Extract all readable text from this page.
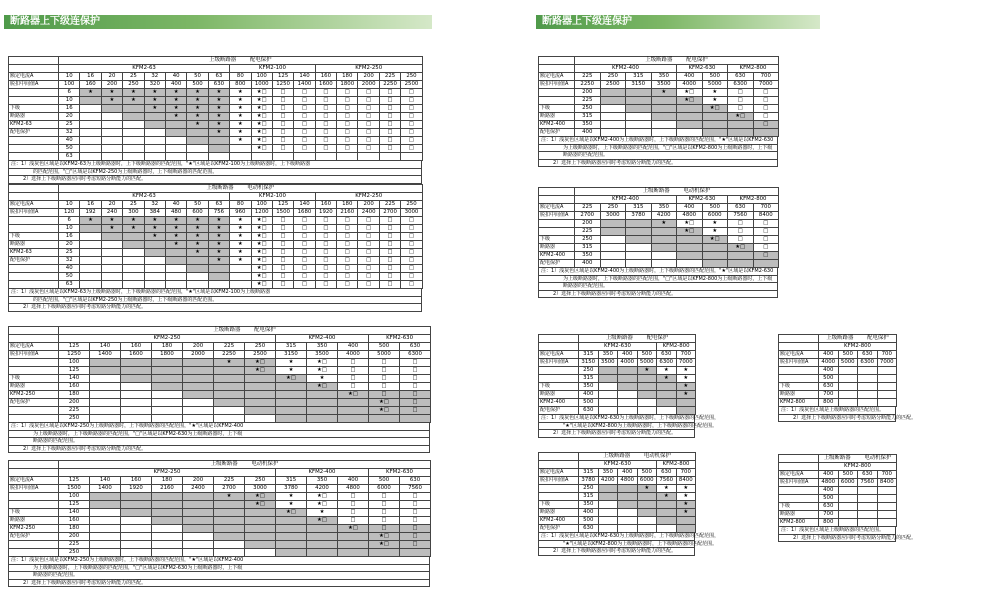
断路器上下级连保护	断路器上下级连保护
	上级断路器 配电保护																
	KFM2-63								KFM2-100				KFM2-250				
额定电流A	10	16	20	25	32	40	50	63	80	100	125	140	160	180	200	225	250
脱扣中间值A	100	160	200	250	320	400	500	630	800	1000	1250	1400	1600	1800	2000	2250	2500
	6	★	★	★	★	★	★	★	★	★□	□	□	□	□	□	□	□
	10		★	★	★	★	★	★	★	★□	□	□	□	□	□	□	□
下级	16				★	★	★	★	★	★□	□	□	□	□	□	□	□
断路器	20					★	★	★	★	★□	□	□	□	□	□	□	□
KFM2-63	25						★	★	★	★□	□	□	□	□	□	□	□
配电保护	32							★	★	★□	□	□	□	□	□	□	□
	40								★	★□	□	□	□	□	□	□	□
	50									★□	□	□	□	□	□	□	□
	63																
注：1）浅灰色区域是以KFM2-63为上级断路器时，上下级断路器的匹配范围，"★"区域是以KFM2-100为上级断路器时，上下级断路器
的匹配范围，"□"区域是以KFM2-250为上级断路器时，上下级断路器的匹配范围。
2）选择上下级断路器应同时考虑短路分断能力的匹配。
	上级断路器 电动机保护																
	KFM2-63								KFM2-100				KFM2-250				
额定电流A	10	16	20	25	32	40	50	63	80	100	125	140	160	180	200	225	250
脱扣中间值A	120	192	240	300	384	480	600	756	960	1200	1500	1680	1920	2160	2400	2700	3000
	6	★	★	★	★	★	★	★	★	★□	□	□	□	□	□	□	□
	10		★	★	★	★	★	★	★	★□	□	□	□	□	□	□	□
下级	16				★	★	★	★	★	★□	□	□	□	□	□	□	□
断路器	20					★	★	★	★	★□	□	□	□	□	□	□	□
KFM2-63	25						★	★	★	★□	□	□	□	□	□	□	□
配电保护	32							★	★	★□	□	□	□	□	□	□	□
	40									★□	□	□	□	□	□	□	□
	50									★□	□	□	□	□	□	□	□
	63									★□	□	□	□	□	□	□	□
注：1）浅灰色区域是以KFM2-63为上级断路器时，上下级断路器的匹配范围，"★"区域是以KFM2-100为上级断路器
的匹配范围，"□"区域是以KFM2-250为上级断路器时，上下级断路器的匹配范围。
2）选择上下级断路器应同时考虑短路分断能力的匹配。
	上级断路器 配电保护							
	KFM2-400				KFM2-630		KFM2-800	
额定电流A	225	250	315	350	400	500	630	700
脱扣中间值A	2250	2500	3150	3500	4000	5000	6300	7000
	200			★	★□	★	□	□
	225				★□	★	□	□
下级	250					★□	□	□
断路器	315						★□	□
KFM2-400	350							□
配电保护	400							
注：1）浅灰色区域是以KFM2-400为上级断路器时，上下级断路器的匹配范围，"★"区域是以KFM2-630
为上级断路器时，上下级断路器的匹配范围，"□"区域是以KFM2-800为上级断路器时，上下级
断路器的匹配范围。
2）选择上下级断路器应同时考虑短路分断能力的匹配。
	上级断路器 电动机保护							
	KFM2-400				KFM2-630		KFM2-800	
额定电流A	225	250	315	350	400	500	630	700
脱扣中间值A	2700	3000	3780	4200	4800	6000	7560	8400
	200			★	★□	★	□	□
	225				★□	★	□	□
下级	250					★□	□	□
断路器	315						★□	□
KFM2-400	350							□
配电保护	400							
注：1）浅灰色区域是以KFM2-400为上级断路器时，上下级断路器的匹配范围，"★"区域是以KFM2-630
为上级断路器时，上下级断路器的匹配范围，"□"区域是以KFM2-800为上级断路器时，上下级
断路器的匹配范围。
2）选择上下级断路器应同时考虑短路分断能力的匹配。
	上级断路器 配电保护											
	KFM2-250							KFM2-400			KFM2-630	
额定电流A	125	140	160	180	200	225	250	315	350	400	500	630
脱扣中间值A	1250	1400	1600	1800	2000	2250	2500	3150	3500	4000	5000	6300
	100					★	★□	★	★□	□	□	□
	125						★□	★	★□	□	□	□
下级	140							★□	★	□	□	□
断路器	160								★□	□	□	□
KFM2-250	180									★□	□	□
配电保护	200										★□	□
	225										★□	□
	250											
注：1）浅灰色区域是以KFM2-250为上级断路器时，上下级断路器的匹配范围，"★"区域是以KFM2-400
为上级断路器时，上下级断路器的匹配范围，"□"区域是以KFM2-630为上级断路器时，上下级
断路器的匹配范围。
2）选择上下级断路器应同时考虑短路分断能力的匹配。
	上级断路器 电动机保护											
	KFM2-250							KFM2-400			KFM2-630	
额定电流A	125	140	160	180	200	225	250	315	350	400	500	630
脱扣中间值A	1500	1400	1920	2160	2400	2700	3000	3780	4200	4800	6000	7560
	100					★	★□	★	★□	□	□	□
	125						★□	★	★□	□	□	□
下级	140							★□	★	□	□	□
断路器	160								★□	□	□	□
KFM2-250	180									★□	□	□
配电保护	200										★□	□
	225										★□	□
	250											
注：1）浅灰色区域是以KFM2-250为上级断路器时，上下级断路器的匹配范围，"★"区域是以KFM2-400
为上级断路器时，上下级断路器的匹配范围，"□"区域是以KFM2-630为上级断路器时，上下级
断路器的匹配范围。
2）选择上下级断路器应同时考虑短路分断能力的匹配。
	上级断路器 配电保护					
	KFM2-630				KFM2-800	
额定电流A	315	350	400	500	630	700
脱扣中间值A	3150	3500	4000	5000	6300	7000
	250			★	★	★
	315				★	★
下级	350					★
断路器	400					★
KFM2-400	500					
配电保护	630					
注：1）浅灰色区域是以KFM2-630为上级断路器时，上下级断路器的匹配范围，
"★"区域是以KFM2-800为上级断路器时，上下级断路器的匹配范围。
2）选择上下级断路器应同时考虑短路分断能力的匹配。
	上级断路器 电动机保护					
	KFM2-630				KFM2-800	
额定电流A	315	350	400	500	630	700
脱扣中间值A	3780	4200	4800	6000	7560	8400
	250			★	★	★
	315				★	★
下级	350					★
断路器	400					★
KFM2-400	500					
配电保护	630					
注：1）浅灰色区域是以KFM2-630为上级断路器时，上下级断路器的匹配范围，
"★"区域是以KFM2-800为上级断路器时，上下级断路器的匹配范围。
2）选择上下级断路器应同时考虑短路分断能力的匹配。
	上级断路器 配电保护			
	KFM2-800			
额定电流A	400	500	630	700
脱扣中间值A	4000	5000	6300	7000
	400			
	500			
下级	630			
断路器	700			
KFM2-800	800			
注：1）浅灰色区域是上级断路器的匹配范围。
2）选择上下级断路器应同时考虑短路分断能力的匹配。
	上级断路器 电动机保护			
	KFM2-800			
额定电流A	400	500	630	700
脱扣中间值A	4800	6000	7560	8400
	400			
	500			
下级	630			
断路器	700			
KFM2-800	800			
注：1）浅灰色区域是上级断路器的匹配范围。
2）选择上下级断路器应同时考虑短路分断能力的匹配。
